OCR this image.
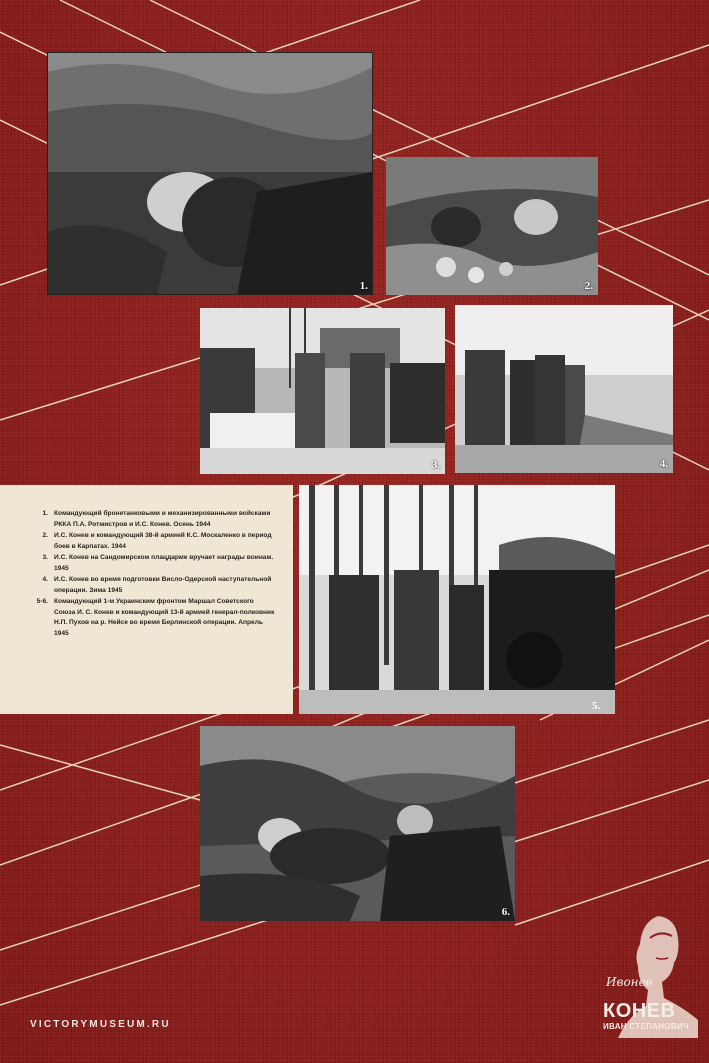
1.	2.
3.	4.
1. Командующий бронетанковыми и механизированными войсками РККА П.А. Ротмистров и И.С. Конев. Осень 1944
2. И.С. Конев и командующий 38-й армией К.С. Москаленко в период боев в Карпатах. 1944
3. И.С. Конев на Сандомирском плацдарме вручает награды воинам. 1945
4. И.С. Конев во время подготовки Висло-Одерской наступательной операции. Зима 1945
5-6. Командующий 1-м Украинским фронтом Маршал Советского Союза И. С. Конев и командующий 13-й армией генерал-полковник Н.П. Пухов на р. Нейсе во время Берлинской операции. Апрель 1945
5.
6.
VICTORYMUSEUM.RU
Ивонев
КОНЕВ
ИВАН СТЕПАНОВИЧ
